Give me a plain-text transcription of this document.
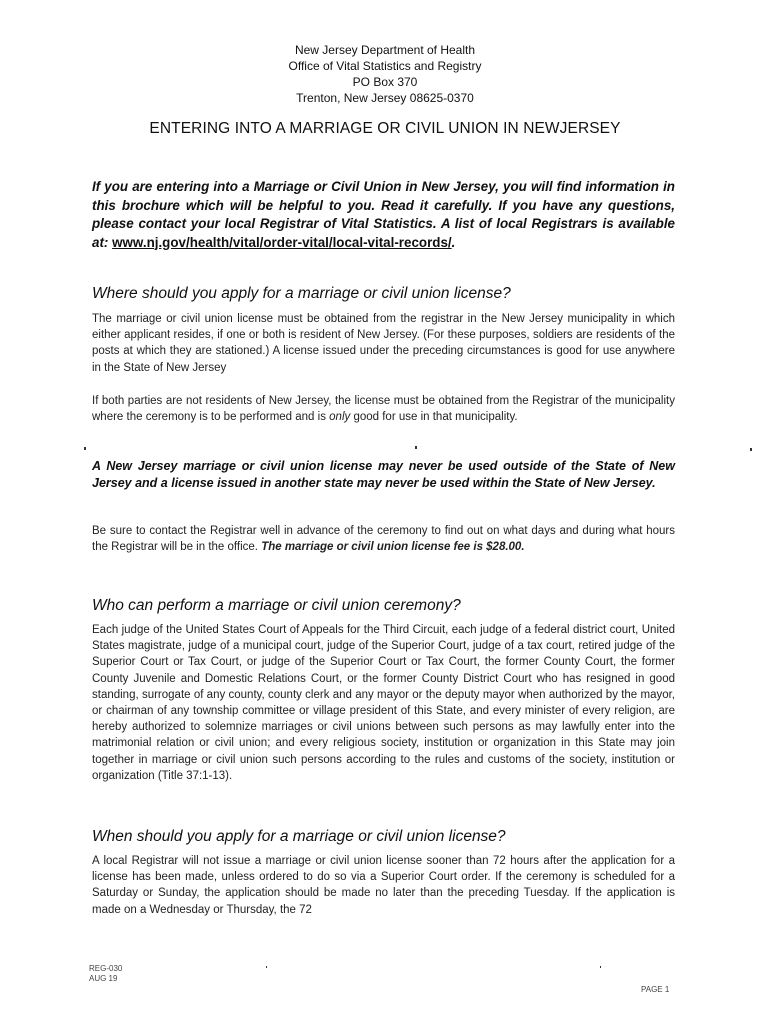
New Jersey Department of Health
Office of Vital Statistics and Registry
PO Box 370
Trenton, New Jersey 08625-0370
ENTERING INTO A MARRIAGE OR CIVIL UNION IN NEWJERSEY
If you are entering into a Marriage or Civil Union in New Jersey, you will find information in this brochure which will be helpful to you. Read it carefully. If you have any questions, please contact your local Registrar of Vital Statistics. A list of local Registrars is available at: www.nj.gov/health/vital/order-vital/local-vital-records/.
Where should you apply for a marriage or civil union license?
The marriage or civil union license must be obtained from the registrar in the New Jersey municipality in which either applicant resides, if one or both is resident of New Jersey. (For these purposes, soldiers are residents of the posts at which they are stationed.) A license issued under the preceding circumstances is good for use anywhere in the State of New Jersey
If both parties are not residents of New Jersey, the license must be obtained from the Registrar of the municipality where the ceremony is to be performed and is only good for use in that municipality.
A New Jersey marriage or civil union license may never be used outside of the State of New Jersey and a license issued in another state may never be used within the State of New Jersey.
Be sure to contact the Registrar well in advance of the ceremony to find out on what days and during what hours the Registrar will be in the office. The marriage or civil union license fee is $28.00.
Who can perform a marriage or civil union ceremony?
Each judge of the United States Court of Appeals for the Third Circuit, each judge of a federal district court, United States magistrate, judge of a municipal court, judge of the Superior Court, judge of a tax court, retired judge of the Superior Court or Tax Court, or judge of the Superior Court or Tax Court, the former County Court, the former County Juvenile and Domestic Relations Court, or the former County District Court who has resigned in good standing, surrogate of any county, county clerk and any mayor or the deputy mayor when authorized by the mayor, or chairman of any township committee or village president of this State, and every minister of every religion, are hereby authorized to solemnize marriages or civil unions between such persons as may lawfully enter into the matrimonial relation or civil union; and every religious society, institution or organization in this State may join together in marriage or civil union such persons according to the rules and customs of the society, institution or organization (Title 37:1-13).
When should you apply for a marriage or civil union license?
A local Registrar will not issue a marriage or civil union license sooner than 72 hours after the application for a license has been made, unless ordered to do so via a Superior Court order. If the ceremony is scheduled for a Saturday or Sunday, the application should be made no later than the preceding Tuesday. If the application is made on a Wednesday or Thursday, the 72
REG-030
AUG 19
PAGE 1
